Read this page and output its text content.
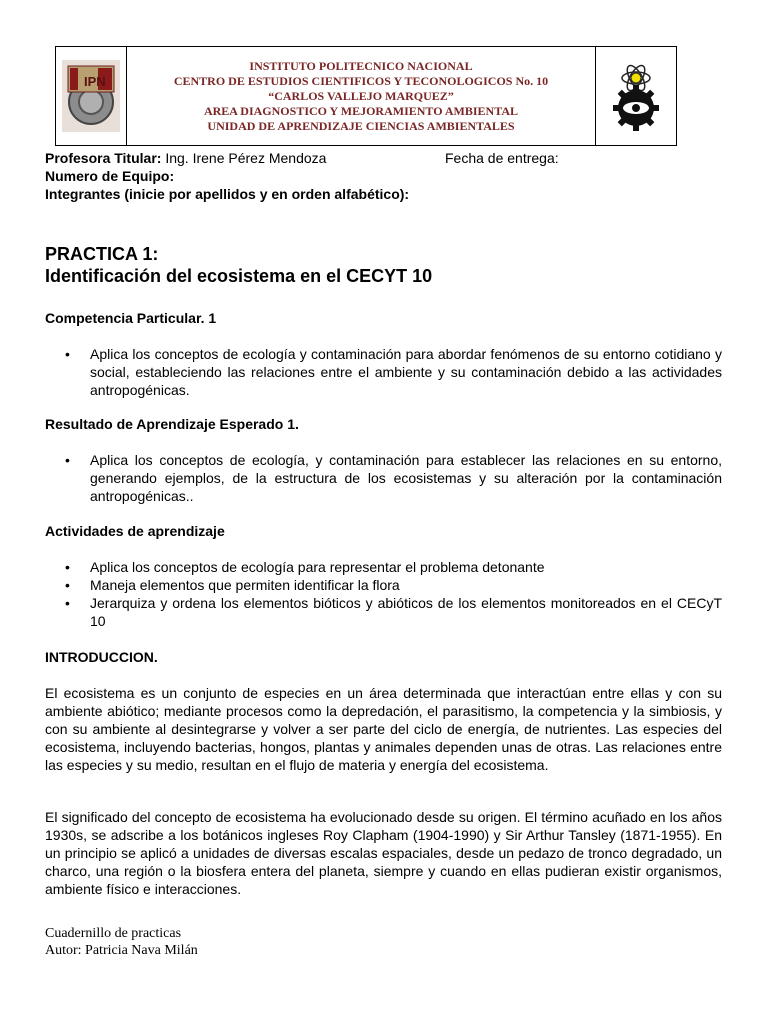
IPN
INSTITUTO POLITECNICO NACIONAL
CENTRO DE ESTUDIOS CIENTIFICOS Y TECONOLOGICOS No. 10
“CARLOS VALLEJO MARQUEZ”
AREA DIAGNOSTICO Y MEJORAMIENTO AMBIENTAL
UNIDAD DE APRENDIZAJE CIENCIAS AMBIENTALES
Profesora Titular: Ing. Irene Pérez Mendoza	Fecha de entrega:
Numero de Equipo:
Integrantes (inicie por apellidos y en orden alfabético):
PRACTICA 1:
Identificación del ecosistema en el CECYT 10
Competencia Particular. 1
• Aplica los conceptos de ecología y contaminación para abordar fenómenos de su entorno cotidiano y social, estableciendo las relaciones entre el ambiente y su contaminación debido a las actividades antropogénicas.
Resultado de Aprendizaje Esperado 1.
• Aplica los conceptos de ecología, y contaminación para establecer las relaciones en su entorno, generando ejemplos, de la estructura de los ecosistemas y su alteración por la contaminación antropogénicas..
Actividades de aprendizaje
• Aplica los conceptos de ecología para representar el problema detonante
• Maneja elementos que permiten identificar la flora
• Jerarquiza y ordena los elementos bióticos y abióticos de los elementos monitoreados en el CECyT 10
INTRODUCCION.

El ecosistema es un conjunto de especies en un área determinada que interactúan entre ellas y con su ambiente abiótico; mediante procesos como la depredación, el parasitismo, la competencia y la simbiosis, y con su ambiente al desintegrarse y volver a ser parte del ciclo de energía, de nutrientes. Las especies del ecosistema, incluyendo bacterias, hongos, plantas y animales dependen unas de otras. Las relaciones entre las especies y su medio, resultan en el flujo de materia y energía del ecosistema.

El significado del concepto de ecosistema ha evolucionado desde su origen. El término acuñado en los años 1930s, se adscribe a los botánicos ingleses Roy Clapham (1904-1990) y Sir Arthur Tansley (1871-1955). En un principio se aplicó a unidades de diversas escalas espaciales, desde un pedazo de tronco degradado, un charco, una región o la biosfera entera del planeta, siempre y cuando en ellas pudieran existir organismos, ambiente físico e interacciones.

Cuadernillo de practicas
Autor: Patricia Nava Milán
